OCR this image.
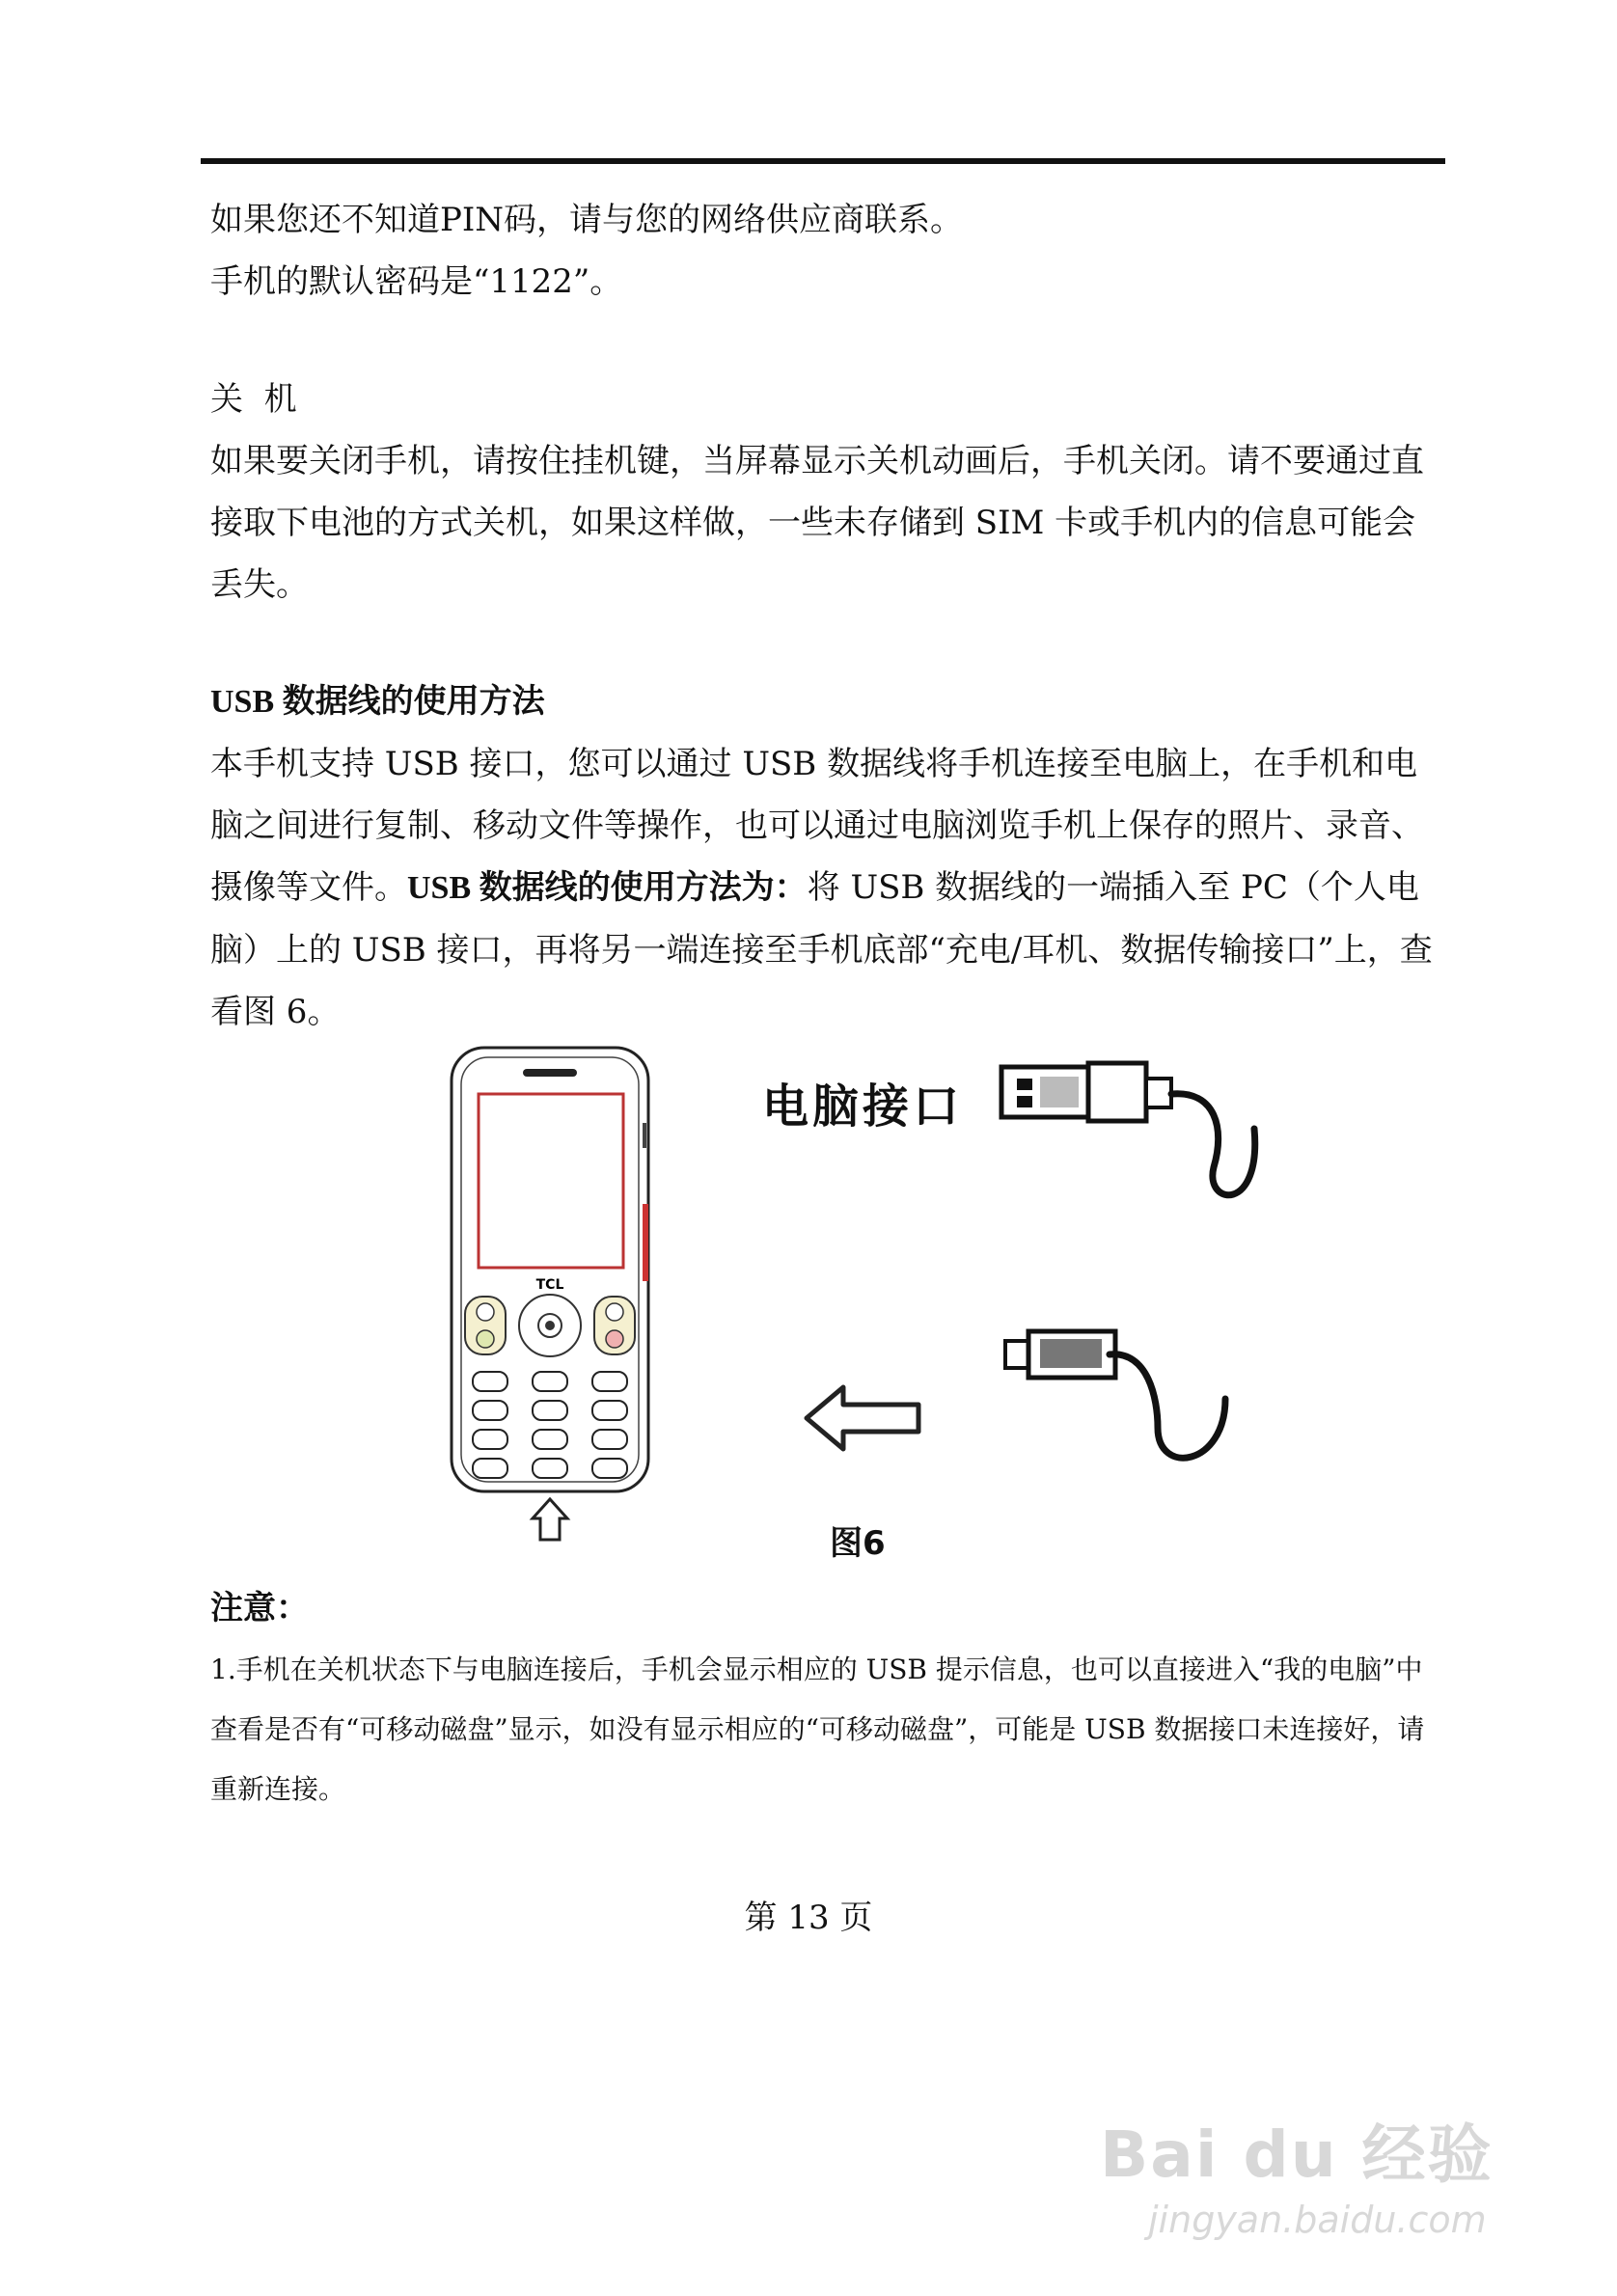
如果您还不知道PIN码，请与您的网络供应商联系。
手机的默认密码是“1122”。
关  机
如果要关闭手机，请按住挂机键，当屏幕显示关机动画后，手机关闭。请不要通过直接取下电池的方式关机，如果这样做，一些未存储到 SIM 卡或手机内的信息可能会丢失。
USB 数据线的使用方法
本手机支持 USB 接口，您可以通过 USB 数据线将手机连接至电脑上，在手机和电脑之间进行复制、移动文件等操作，也可以通过电脑浏览手机上保存的照片、录音、摄像等文件。USB 数据线的使用方法为：将 USB 数据线的一端插入至 PC（个人电脑）上的 USB 接口，再将另一端连接至手机底部“充电/耳机、数据传输接口”上，查看图 6。
TCL
电脑接口
图6
注意：
1.手机在关机状态下与电脑连接后，手机会显示相应的 USB 提示信息，也可以直接进入“我的电脑”中查看是否有“可移动磁盘”显示，如没有显示相应的“可移动磁盘”，可能是 USB 数据接口未连接好，请重新连接。
第 13 页
Bai du 经验
jingyan.baidu.com
